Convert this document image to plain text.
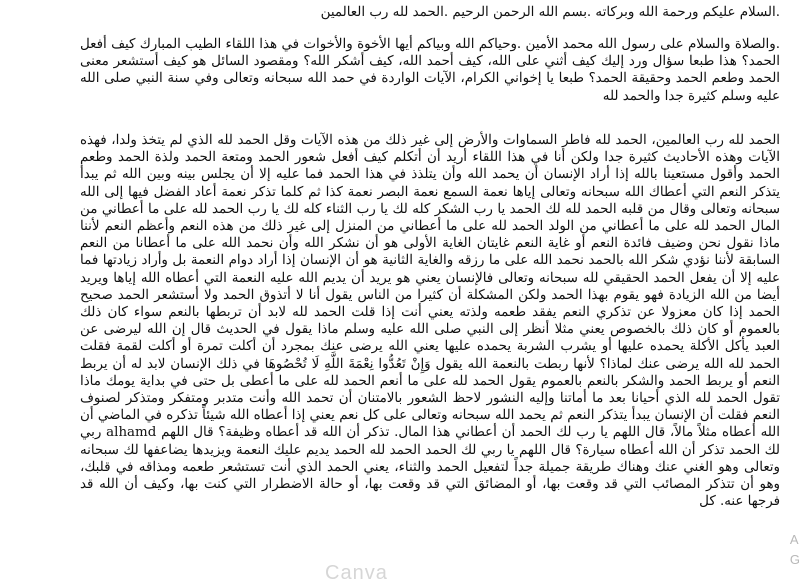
.السلام عليكم ورحمة الله وبركاته .بسم الله الرحمن الرحيم .الحمد لله رب العالمين

.والصلاة والسلام على رسول الله محمد الأمين .وحياكم الله وبياكم أيها الأخوة والأخوات في هذا اللقاء الطيب المبارك كيف أفعل الحمد؟ هذا طبعا سؤال ورد إليك كيف أثني على الله، كيف أحمد الله، كيف أشكر الله؟ ومقصود السائل هو كيف أستشعر معنى الحمد وطعم الحمد وحقيقة الحمد؟ طبعا يا إخواني الكرام، الآيات الواردة في حمد الله سبحانه وتعالى وفي سنة النبي صلى الله عليه وسلم كثيرة جدا والحمد لله

الحمد لله رب العالمين، الحمد لله فاطر السماوات والأرض إلى غير ذلك من هذه الآيات وقل الحمد لله الذي لم يتخذ ولدا، فهذه الآيات وهذه الأحاديث كثيرة جدا ولكن أنا في هذا اللقاء أريد أن أتكلم كيف أفعل شعور الحمد ومتعة الحمد ولذة الحمد وطعم الحمد وأقول مستعينا بالله إذا أراد الإنسان أن يحمد الله وأن يتلذذ في هذا الحمد فما عليه إلا أن يجلس بينه وبين الله ثم يبدأ يتذكر النعم التي أعطاك الله سبحانه وتعالى إياها نعمة السمع نعمة البصر نعمة كذا ثم كلما تذكر نعمة أعاد الفضل فيها إلى الله سبحانه وتعالى وقال من قلبه الحمد لله لك الحمد يا رب الشكر كله لك يا رب الثناء كله لك يا رب الحمد لله على ما أعطاني من المال الحمد لله على ما أعطاني من الولد الحمد لله على ما أعطاني من المنزل إلى غير ذلك من هذه النعم وأعظم النعم لأننا ماذا نقول نحن وضيف فائدة النعم أو غاية النعم غايتان الغاية الأولى هو أن نشكر الله وأن نحمد الله على ما أعطانا من النعم السابقة لأننا نؤدي شكر الله بالحمد نحمد الله على ما رزقه والغاية الثانية هو أن الإنسان إذا أراد دوام النعمة بل وأراد زيادتها فما عليه إلا أن يفعل الحمد الحقيقي لله سبحانه وتعالى فالإنسان يعني هو يريد أن يديم الله عليه النعمة التي أعطاه الله إياها ويريد أيضا من الله الزيادة فهو يقوم بهذا الحمد ولكن المشكلة أن كثيرا من الناس يقول أنا لا أتذوق الحمد ولا أستشعر الحمد صحيح الحمد إذا كان معزولا عن تذكري النعم يفقد طعمه ولذته يعني أنت إذا قلت الحمد لله لابد أن تربطها بالنعم سواء كان ذلك بالعموم أو كان ذلك بالخصوص يعني مثلا أنظر إلى النبي صلى الله عليه وسلم ماذا يقول في الحديث قال إن الله ليرضى عن العبد يأكل الأكلة يحمده عليها أو يشرب الشربة يحمده عليها يعني الله يرضى عنك بمجرد أن أكلت تمرة أو أكلت لقمة فقلت الحمد لله الله يرضى عنك لماذا؟ لأنها ربطت بالنعمة الله يقول وَإِنْ تَعُدُّوا نِعْمَةَ اللَّهِ لَا تُحْصُوهَا في ذلك الإنسان لابد له أن يربط النعم أو يربط الحمد والشكر بالنعم بالعموم يقول الحمد لله على ما أنعم الحمد لله على ما أعطى بل حتى في بداية يومك ماذا تقول الحمد لله الذي أحيانا بعد ما أماتنا وإليه النشور لاحظ الشعور بالامتنان أن تحمد الله وأنت متدبر ومتفكر ومتذكر لصنوف النعم فقلت أن الإنسان يبدأ يتذكر النعم ثم يحمد الله سبحانه وتعالى على كل نعم يعني إذا أعطاه الله شيئاً تذكره في الماضي أن الله أعطاه مثلاً مالاً، قال اللهم يا رب لك الحمد أن أعطاني هذا المال. تذكر أن الله قد أعطاه وظيفة؟ قال اللهم alhamd ربي لك الحمد تذكر أن الله أعطاه سيارة؟ قال اللهم يا ربي لك الحمد الحمد لله الحمد يديم عليك النعمة ويزيدها يضاعفها لك سبحانه وتعالى وهو الغني عنك وهناك طريقة جميلة جداً لتفعيل الحمد والثناء، يعني الحمد الذي أنت تستشعر طعمه ومذاقه في قلبك، وهو أن تتذكر المصائب التي قد وقعت بها، أو المضائق التي قد وقعت بها، أو حالة الاضطرار التي كنت بها، وكيف أن الله قد فرجها عنه. كل

A
G
Canva
